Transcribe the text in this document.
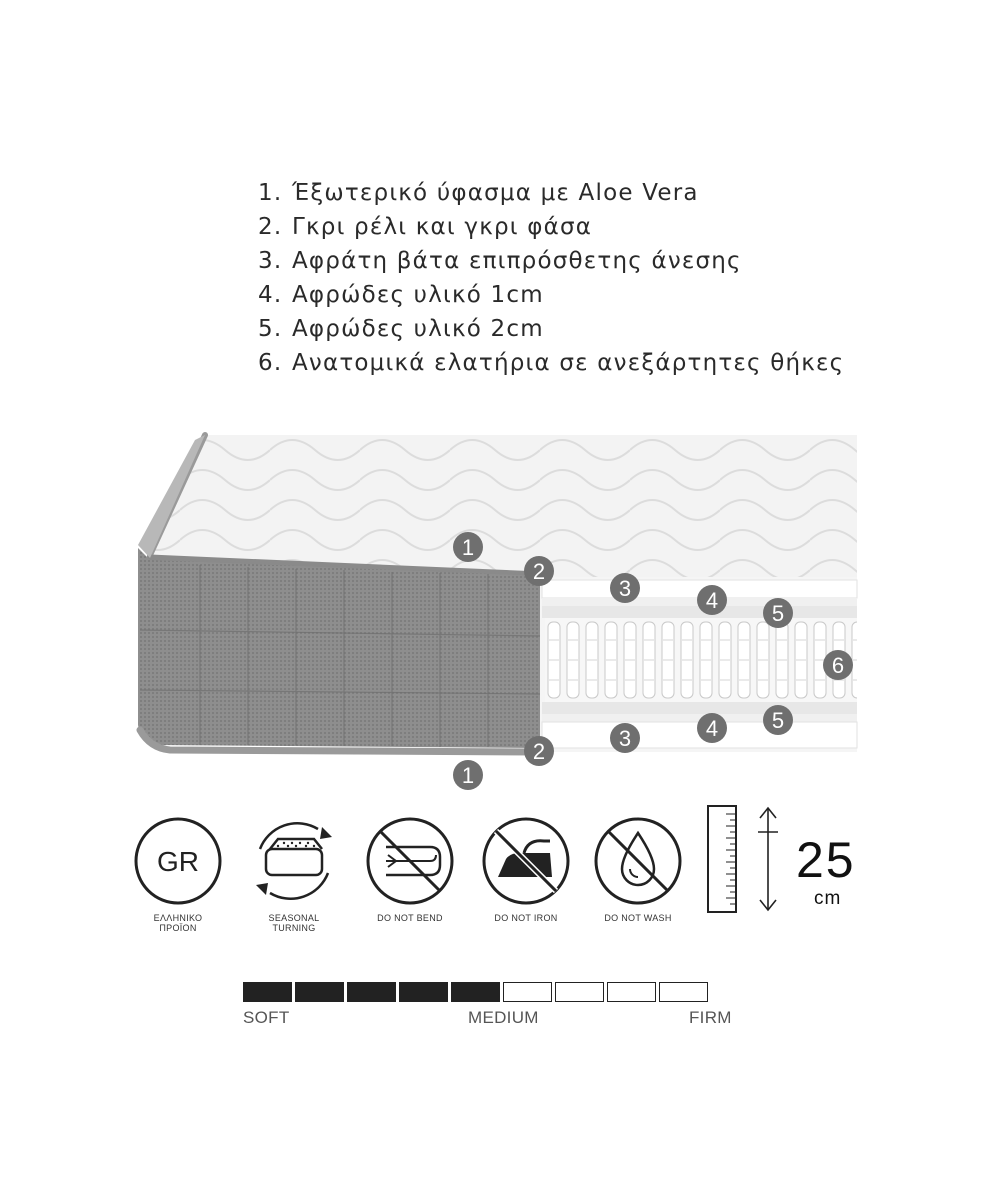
1. Έξωτερικό ύφασμα με Aloe Vera
2. Γκρι ρέλι και γκρι φάσα
3. Αφράτη βάτα επιπρόσθετης άνεσης
4. Αφρώδες υλικό 1cm
5. Αφρώδες υλικό 2cm
6. Ανατομικά ελατήρια σε ανεξάρτητες θήκες
1
2
3	4
5
6
5
4
3
2
1
GR
ΕΛΛΗΝΙΚΟ
ΠΡΟΪΟΝ
SEASONAL
TURNING
DO NOT BEND	DO NOT IRON	DO NOT WASH
25
cm
SOFT	MEDIUM	FIRM
